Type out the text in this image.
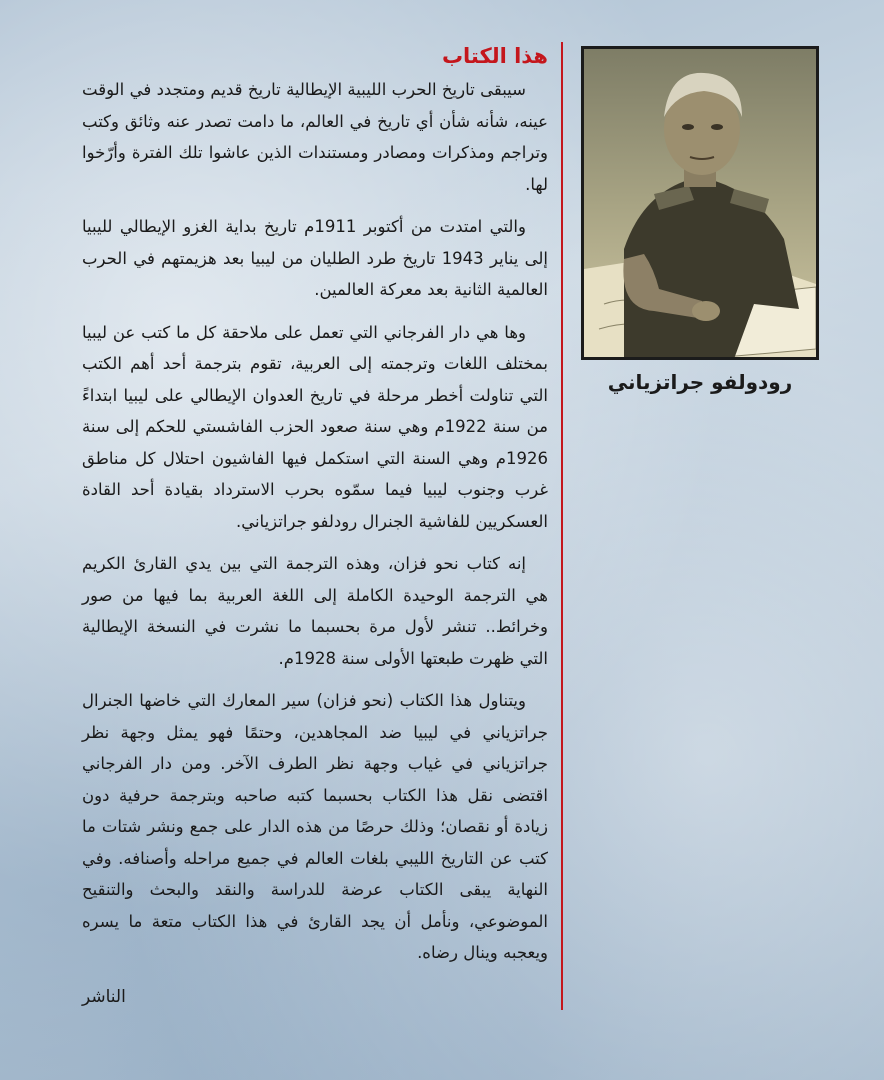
هذا الكتاب

سيبقى تاريخ الحرب الليبية الإيطالية تاريخ قديم ومتجدد في الوقت عينه، شأنه شأن أي تاريخ في العالم، ما دامت تصدر عنه وثائق وكتب وتراجم ومذكرات ومصادر ومستندات الذين عاشوا تلك الفترة وأرّخوا لها.

والتي امتدت من أكتوبر 1911م تاريخ بداية الغزو الإيطالي لليبيا إلى يناير 1943 تاريخ طرد الطليان من ليبيا بعد هزيمتهم في الحرب العالمية الثانية بعد معركة العالمين.

وها هي دار الفرجاني التي تعمل على ملاحقة كل ما كتب عن ليبيا بمختلف اللغات وترجمته إلى العربية، تقوم بترجمة أحد أهم الكتب التي تناولت أخطر مرحلة في تاريخ العدوان الإيطالي على ليبيا ابتداءً من سنة 1922م وهي سنة صعود الحزب الفاشستي للحكم إلى سنة 1926م وهي السنة التي استكمل فيها الفاشيون احتلال كل مناطق غرب وجنوب ليبيا فيما سمّوه بحرب الاسترداد بقيادة أحد القادة العسكريين للفاشية الجنرال رودلفو جراتزياني.

إنه كتاب نحو فزان، وهذه الترجمة التي بين يدي القارئ الكريم هي الترجمة الوحيدة الكاملة إلى اللغة العربية بما فيها من صور وخرائط.. تنشر لأول مرة بحسبما ما نشرت في النسخة الإيطالية التي ظهرت طبعتها الأولى سنة 1928م.

ويتناول هذا الكتاب (نحو فزان) سير المعارك التي خاضها الجنرال جراتزياني في ليبيا ضد المجاهدين، وحتمًا فهو يمثل وجهة نظر جراتزياني في غياب وجهة نظر الطرف الآخر. ومن دار الفرجاني اقتضى نقل هذا الكتاب بحسبما كتبه صاحبه وبترجمة حرفية دون زيادة أو نقصان؛ وذلك حرصًا من هذه الدار على جمع ونشر شتات ما كتب عن التاريخ الليبي بلغات العالم في جميع مراحله وأصنافه. وفي النهاية يبقى الكتاب عرضة للدراسة والنقد والبحث والتنقيح الموضوعي، ونأمل أن يجد القارئ في هذا الكتاب متعة ما يسره ويعجبه وينال رضاه.

الناشر
رودولفو جراتزياني
